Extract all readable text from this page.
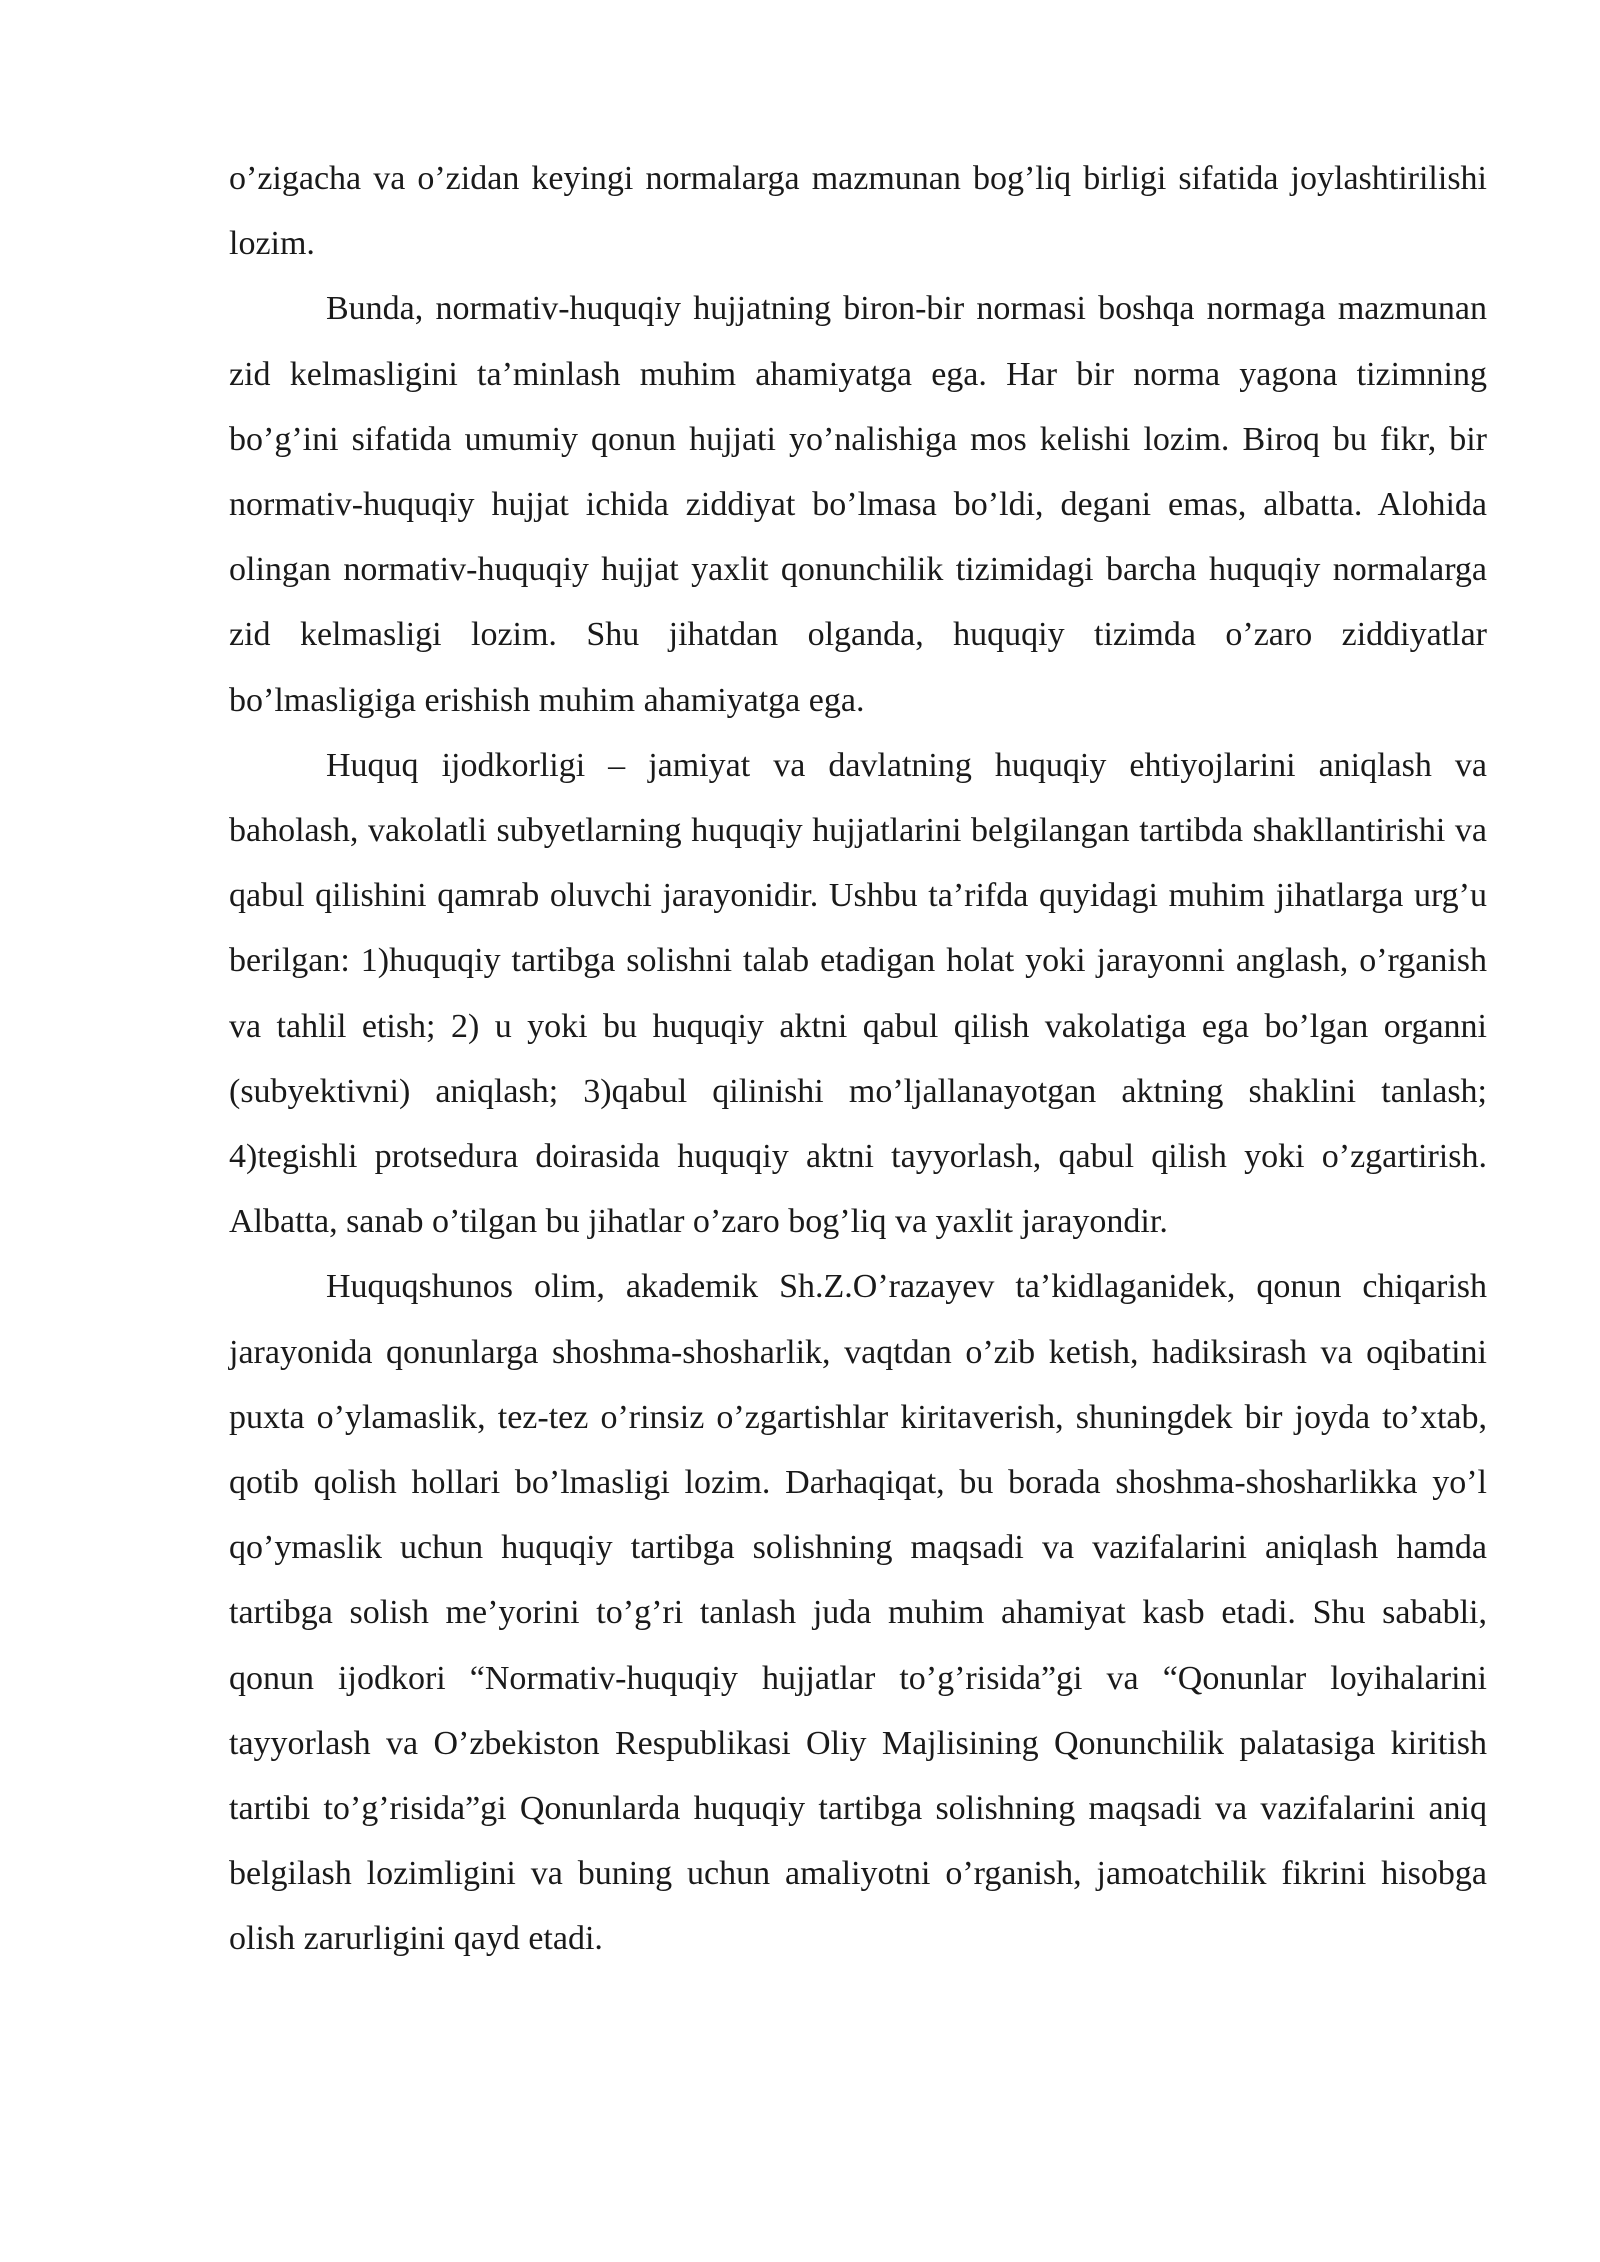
o’zigacha va o’zidan keyingi normalarga mazmunan bog’liq birligi sifatida joylashtirilishi lozim.

Bunda, normativ-huquqiy hujjatning biron-bir normasi boshqa normaga mazmunan zid kelmasligini ta’minlash muhim ahamiyatga ega. Har bir norma yagona tizimning bo’g’ini sifatida umumiy qonun hujjati yo’nalishiga mos kelishi lozim. Biroq bu fikr, bir normativ-huquqiy hujjat ichida ziddiyat bo’lmasa bo’ldi, degani emas, albatta. Alohida olingan normativ-huquqiy hujjat yaxlit qonunchilik tizimidagi barcha huquqiy normalarga zid kelmasligi lozim. Shu jihatdan olganda, huquqiy tizimda o’zaro ziddiyatlar bo’lmasligiga erishish muhim ahamiyatga ega.

Huquq ijodkorligi – jamiyat va davlatning huquqiy ehtiyojlarini aniqlash va baholash, vakolatli subyetlarning huquqiy hujjatlarini belgilangan tartibda shakllantirishi va qabul qilishini qamrab oluvchi jarayonidir. Ushbu ta’rifda quyidagi muhim jihatlarga urg’u berilgan: 1)huquqiy tartibga solishni talab etadigan holat yoki jarayonni anglash, o’rganish va tahlil etish; 2) u yoki bu huquqiy aktni qabul qilish vakolatiga ega bo’lgan organni (subyektivni) aniqlash; 3)qabul qilinishi mo’ljallanayotgan aktning shaklini tanlash; 4)tegishli protsedura doirasida huquqiy aktni tayyorlash, qabul qilish yoki o’zgartirish. Albatta, sanab o’tilgan bu jihatlar o’zaro bog’liq va yaxlit jarayondir.

Huquqshunos olim, akademik Sh.Z.O’razayev ta’kidlaganidek, qonun chiqarish jarayonida qonunlarga shoshma-shosharlik, vaqtdan o’zib ketish, hadiksirash va oqibatini puxta o’ylamaslik, tez-tez o’rinsiz o’zgartishlar kiritaverish, shuningdek bir joyda to’xtab, qotib qolish hollari bo’lmasligi lozim. Darhaqiqat, bu borada shoshma-shosharlikka yo’l qo’ymaslik uchun huquqiy tartibga solishning maqsadi va vazifalarini aniqlash hamda tartibga solish me’yorini to’g’ri tanlash juda muhim ahamiyat kasb etadi. Shu sababli, qonun ijodkori “Normativ-huquqiy hujjatlar to’g’risida”gi va “Qonunlar loyihalarini tayyorlash va O’zbekiston Respublikasi Oliy Majlisining Qonunchilik palatasiga kiritish tartibi to’g’risida”gi Qonunlarda huquqiy tartibga solishning maqsadi va vazifalarini aniq belgilash lozimligini va buning uchun amaliyotni o’rganish, jamoatchilik fikrini hisobga olish zarurligini qayd etadi.
